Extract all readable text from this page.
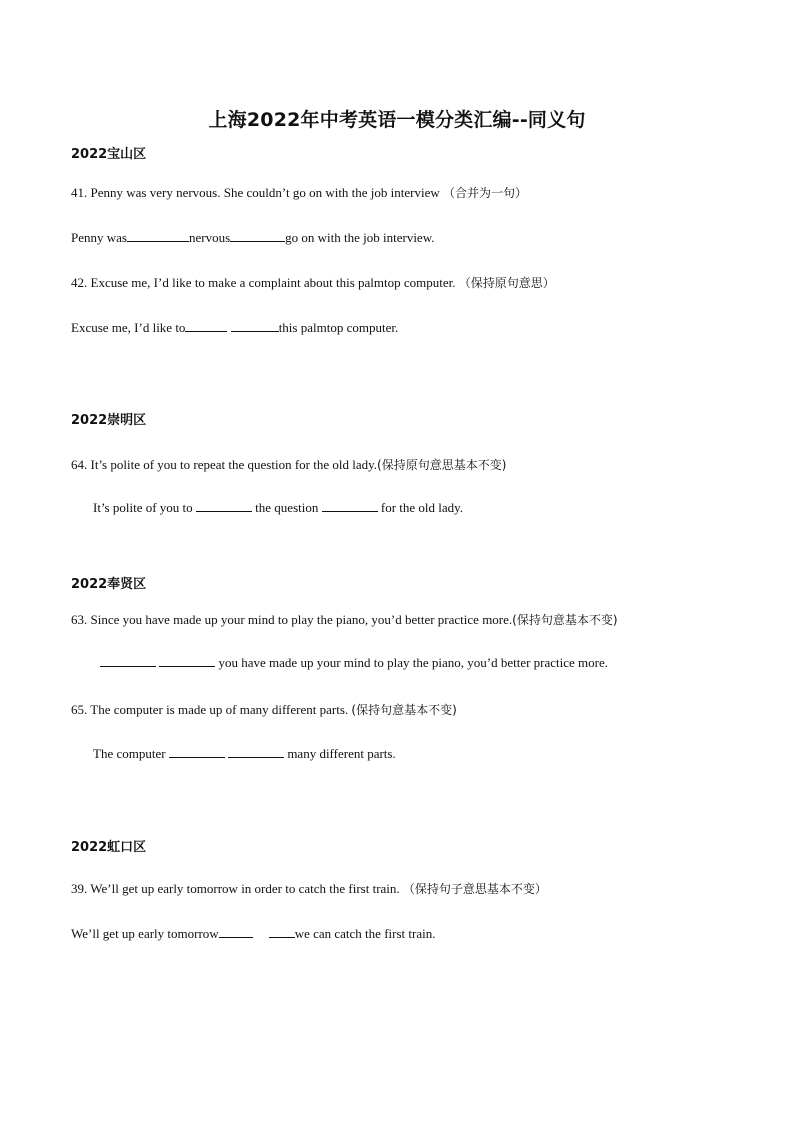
上海2022年中考英语一模分类汇编--同义句
2022宝山区
41. Penny was very nervous. She couldn’t go on with the job interview （合并为一句）
Penny was	nervous	go on with the job interview.
42. Excuse me, I’d like to make a complaint about this palmtop computer. （保持原句意思）
Excuse me, I’d like to	this palmtop computer.
2022崇明区
64. It’s polite of you to repeat the question for the old lady.(保持原句意思基本不变)
It’s polite of you to	the question	for the old lady.
2022奉贤区
63. Since you have made up your mind to play the piano, you’d better practice more.(保持句意基本不变)
you have made up your mind to play the piano, you’d better practice more.
65. The computer is made up of many different parts. (保持句意基本不变)
The computer	many different parts.
2022虹口区
39. We’ll get up early tomorrow in order to catch the first train. （保持句子意思基本不变）
We’ll get up early tomorrow	we can catch the first train.
